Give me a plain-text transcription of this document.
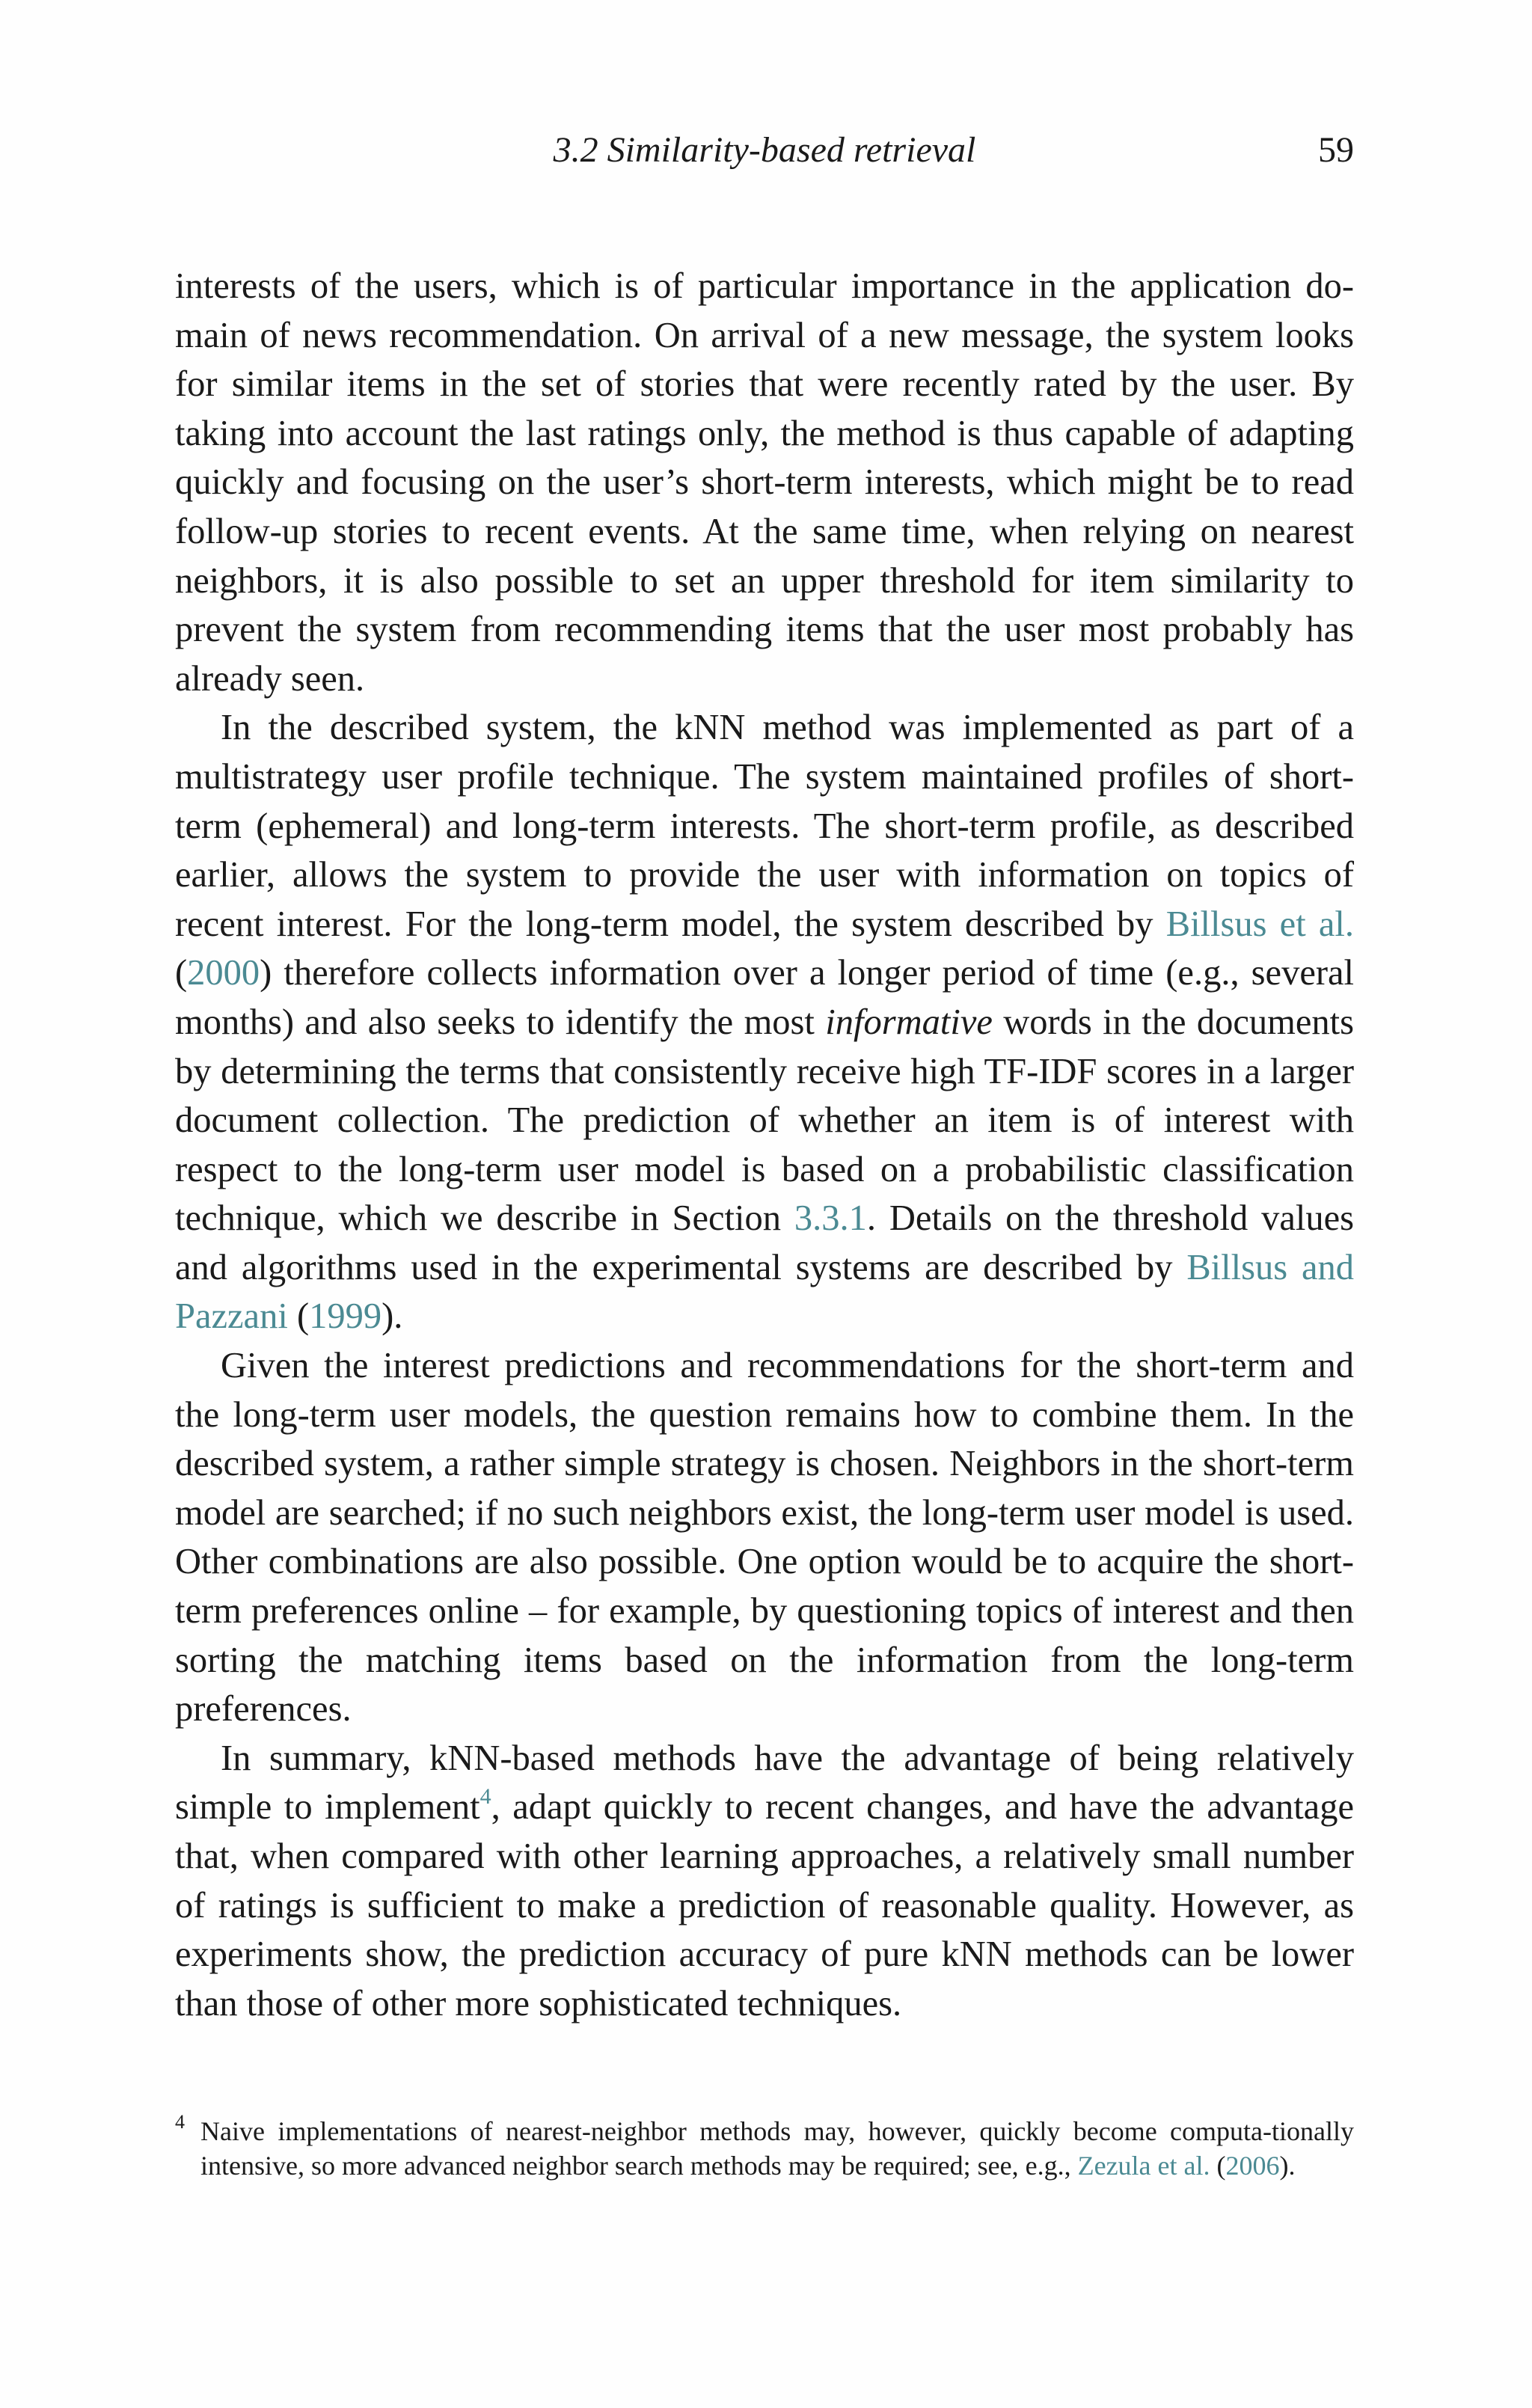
3.2 Similarity-based retrieval	59

interests of the users, which is of particular importance in the application do-main of news recommendation. On arrival of a new message, the system looks for similar items in the set of stories that were recently rated by the user. By taking into account the last ratings only, the method is thus capable of adapting quickly and focusing on the user’s short-term interests, which might be to read follow-up stories to recent events. At the same time, when relying on nearest neighbors, it is also possible to set an upper threshold for item similarity to prevent the system from recommending items that the user most probably has already seen.

In the described system, the kNN method was implemented as part of a multistrategy user profile technique. The system maintained profiles of short-term (ephemeral) and long-term interests. The short-term profile, as described earlier, allows the system to provide the user with information on topics of recent interest. For the long-term model, the system described by Billsus et al. (2000) therefore collects information over a longer period of time (e.g., several months) and also seeks to identify the most informative words in the documents by determining the terms that consistently receive high TF-IDF scores in a larger document collection. The prediction of whether an item is of interest with respect to the long-term user model is based on a probabilistic classification technique, which we describe in Section 3.3.1. Details on the threshold values and algorithms used in the experimental systems are described by Billsus and Pazzani (1999).

Given the interest predictions and recommendations for the short-term and the long-term user models, the question remains how to combine them. In the described system, a rather simple strategy is chosen. Neighbors in the short-term model are searched; if no such neighbors exist, the long-term user model is used. Other combinations are also possible. One option would be to acquire the short-term preferences online – for example, by questioning topics of interest and then sorting the matching items based on the information from the long-term preferences.

In summary, kNN-based methods have the advantage of being relatively simple to implement$^4$, adapt quickly to recent changes, and have the advantage that, when compared with other learning approaches, a relatively small number of ratings is sufficient to make a prediction of reasonable quality. However, as experiments show, the prediction accuracy of pure kNN methods can be lower than those of other more sophisticated techniques.

4 Naive implementations of nearest-neighbor methods may, however, quickly become computa-tionally intensive, so more advanced neighbor search methods may be required; see, e.g., Zezula et al. (2006).
